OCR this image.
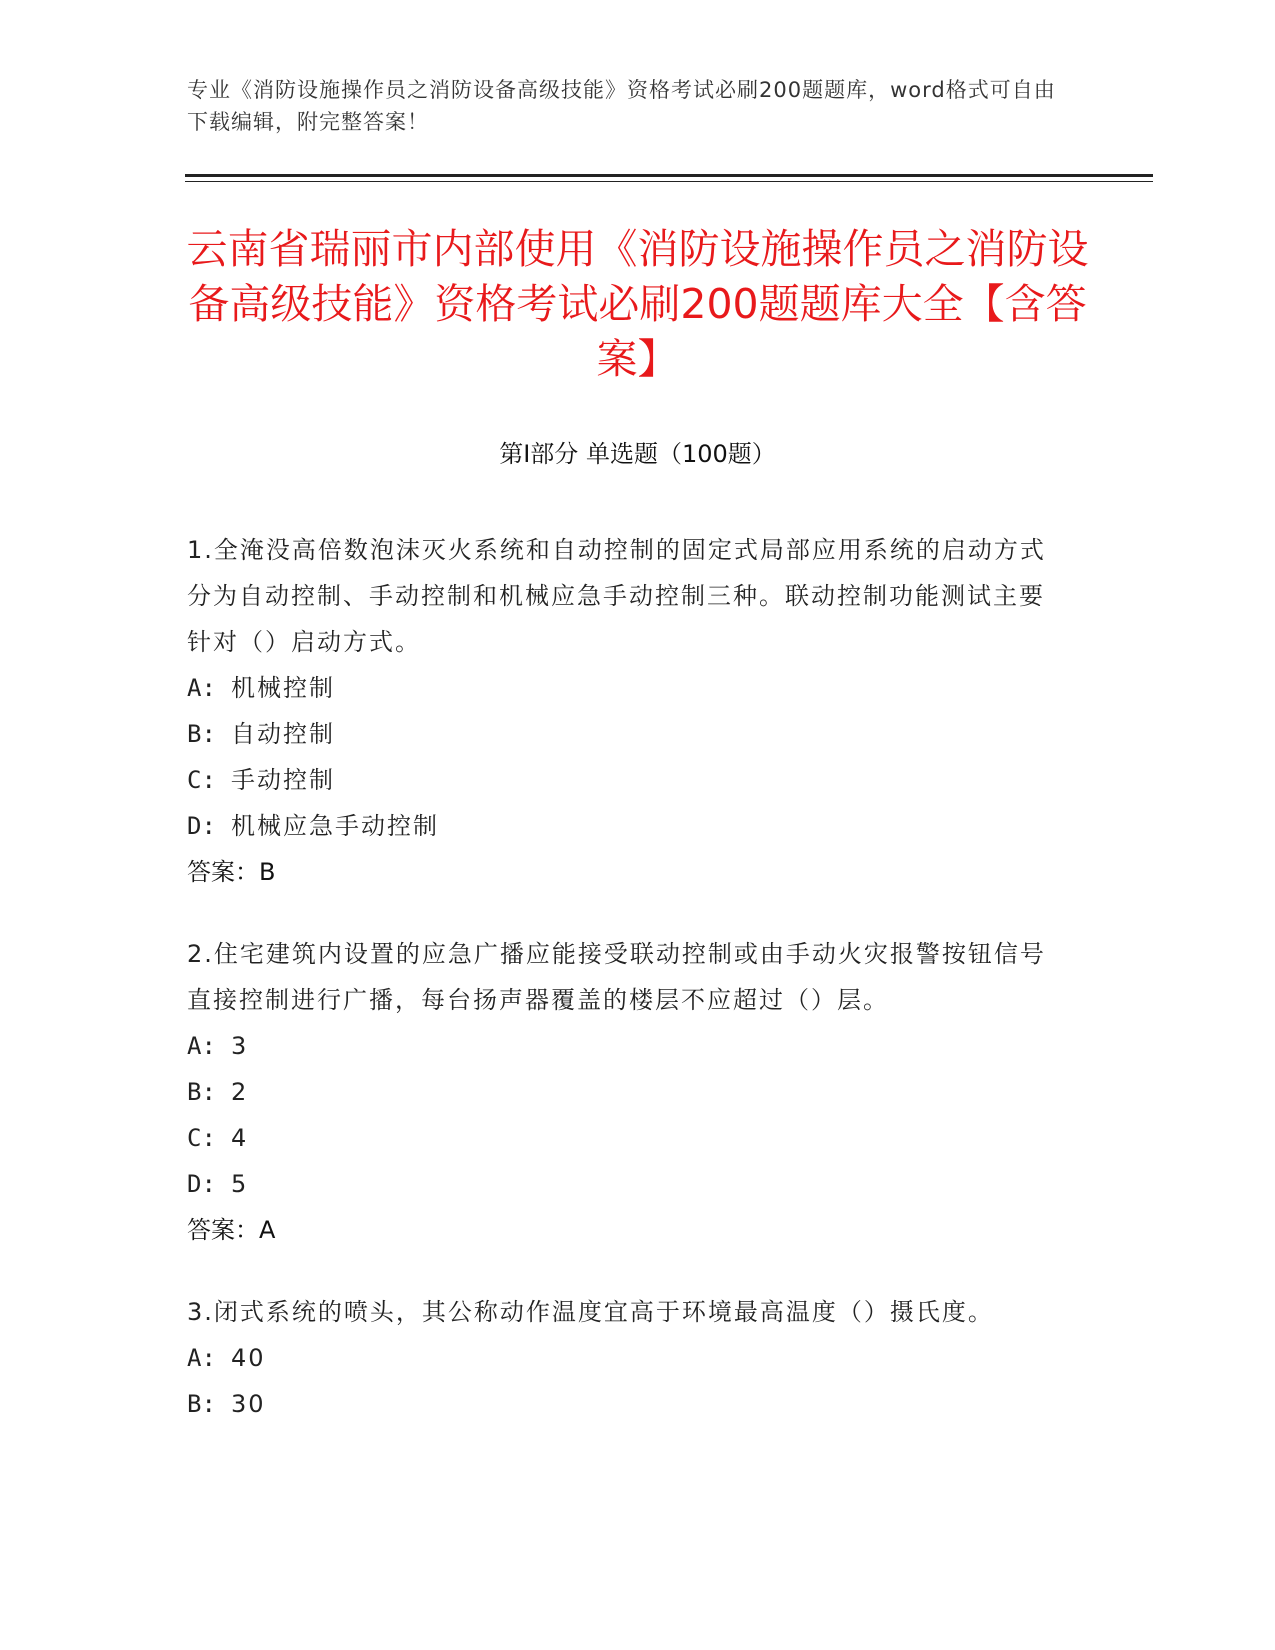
专业《消防设施操作员之消防设备高级技能》资格考试必刷200题题库，word格式可自由下载编辑，附完整答案！
云南省瑞丽市内部使用《消防设施操作员之消防设备高级技能》资格考试必刷200题题库大全【含答案】
第Ⅰ部分 单选题（100题）

1.全淹没高倍数泡沫灭火系统和自动控制的固定式局部应用系统的启动方式分为自动控制、手动控制和机械应急手动控制三种。联动控制功能测试主要针对（）启动方式。

A: 机械控制

B: 自动控制

C: 手动控制

D: 机械应急手动控制

答案：B

2.住宅建筑内设置的应急广播应能接受联动控制或由手动火灾报警按钮信号直接控制进行广播，每台扬声器覆盖的楼层不应超过（）层。

A: 3

B: 2

C: 4

D: 5

答案：A

3.闭式系统的喷头，其公称动作温度宜高于环境最高温度（）摄氏度。

A: 40

B: 30
